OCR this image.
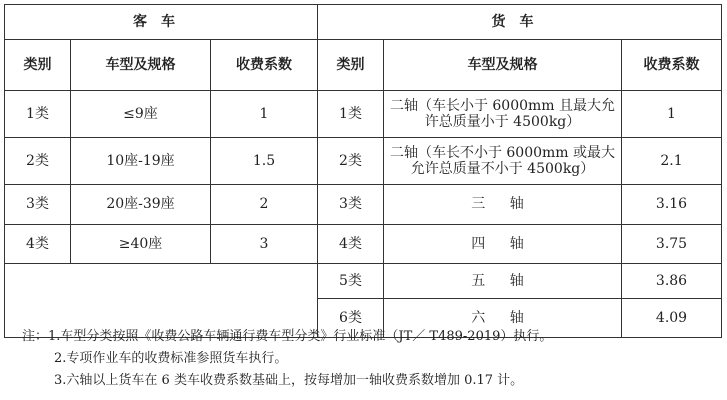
客车			货车		
类别	车型及规格	收费系数	类别	车型及规格	收费系数
1类	≤9座	1	1类	二轴（车长小于 6000mm 且最大允
许总质量小于 4500kg）	1
2类	10座-19座	1.5	2类	二轴（车长不小于 6000mm 或最大
允许总质量不小于 4500kg）	2.1
3类	20座-39座	2	3类	三 轴	3.16
4类	≥40座	3	4类	四 轴	3.75
			5类	五 轴	3.86
			6类	六 轴	4.09
注：1.车型分类按照《收费公路车辆通行费车型分类》行业标准（JT／ T489-2019）执行。
2.专项作业车的收费标准参照货车执行。
3.六轴以上货车在 6 类车收费系数基础上，按每增加一轴收费系数增加 0.17 计。
